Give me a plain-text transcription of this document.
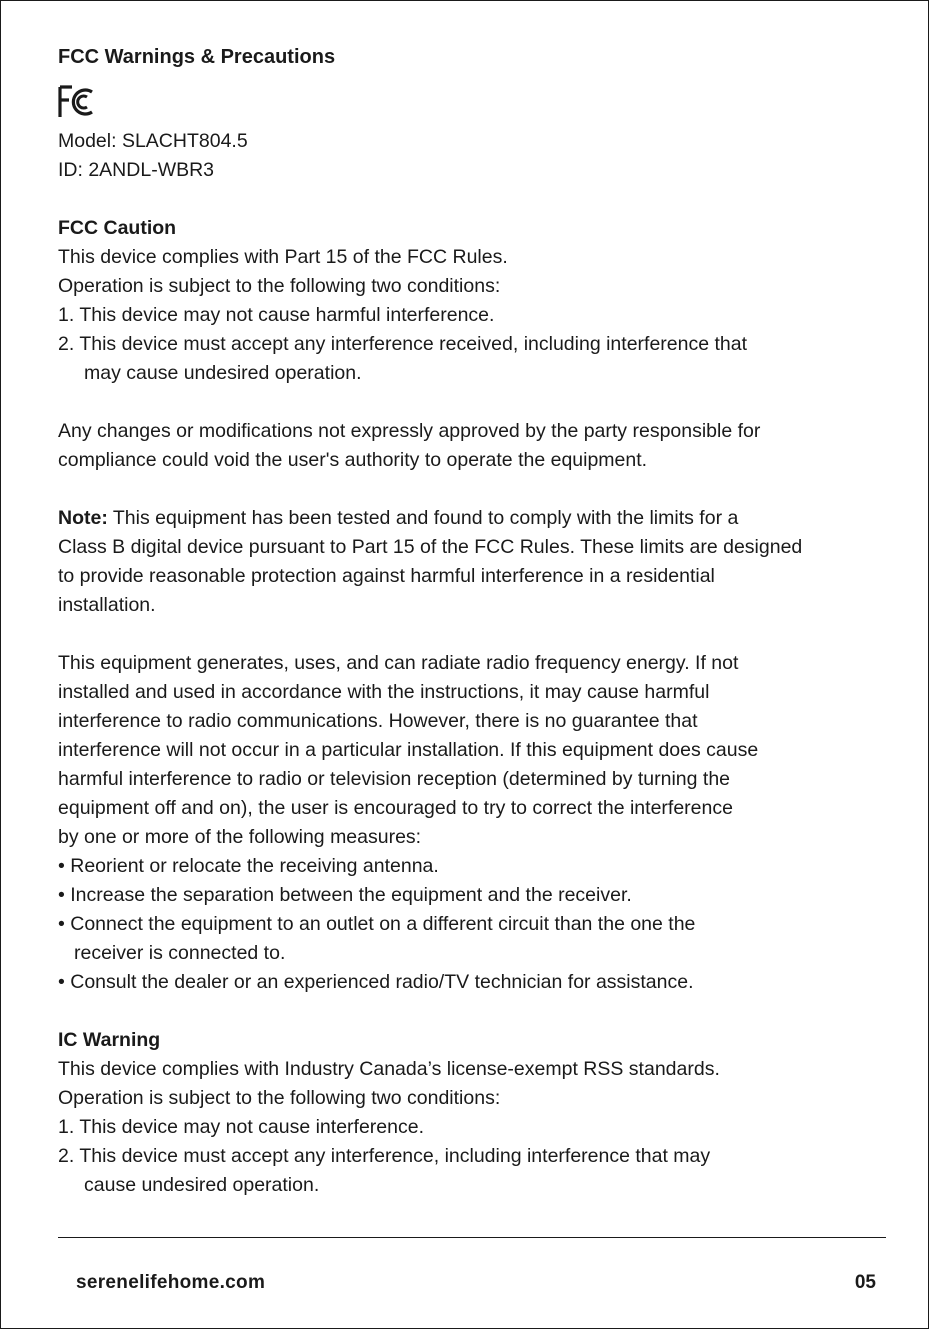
FCC Warnings & Precautions
Model: SLACHT804.5
ID: 2ANDL-WBR3
FCC Caution
This device complies with Part 15 of the FCC Rules.
Operation is subject to the following two conditions:
1. This device may not cause harmful interference.
2. This device must accept any interference received, including interference that
may cause undesired operation.
Any changes or modiﬁcations not expressly approved by the party responsible for
compliance could void the user's authority to operate the equipment.
Note: This equipment has been tested and found to comply with the limits for a
Class B digital device pursuant to Part 15 of the FCC Rules. These limits are designed
to provide reasonable protection against harmful interference in a residential
installation.
This equipment generates, uses, and can radiate radio frequency energy. If not
installed and used in accordance with the instructions, it may cause harmful
interference to radio communications. However, there is no guarantee that
interference will not occur in a particular installation. If this equipment does cause
harmful interference to radio or television reception (determined by turning the
equipment off and on), the user is encouraged to try to correct the interference
by one or more of the following measures:
• Reorient or relocate the receiving antenna.
• Increase the separation between the equipment and the receiver.
• Connect the equipment to an outlet on a different circuit than the one the
receiver is connected to.
• Consult the dealer or an experienced radio/TV technician for assistance.
IC Warning
This device complies with Industry Canada’s license-exempt RSS standards.
Operation is subject to the following two conditions:
1. This device may not cause interference.
2. This device must accept any interference, including interference that may
cause undesired operation.
serenelifehome.com	05
